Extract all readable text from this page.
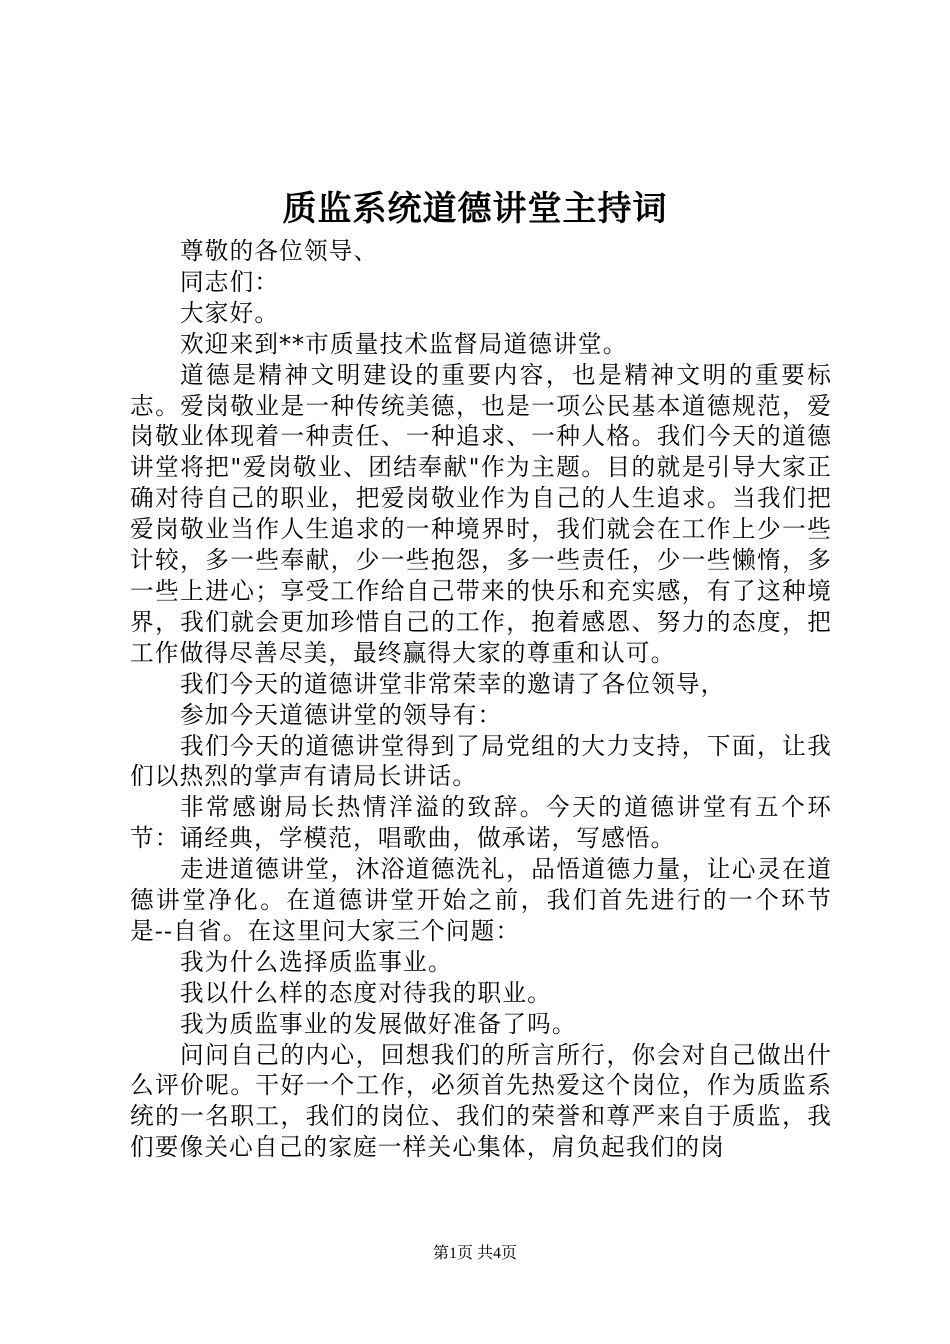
质监系统道德讲堂主持词

尊敬的各位领导、

同志们：

大家好。

欢迎来到**市质量技术监督局道德讲堂。

道德是精神文明建设的重要内容，也是精神文明的重要标志。爱岗敬业是一种传统美德，也是一项公民基本道德规范，爱岗敬业体现着一种责任、一种追求、一种人格。我们今天的道德讲堂将把"爱岗敬业、团结奉献"作为主题。目的就是引导大家正确对待自己的职业，把爱岗敬业作为自己的人生追求。当我们把爱岗敬业当作人生追求的一种境界时，我们就会在工作上少一些计较，多一些奉献，少一些抱怨，多一些责任，少一些懒惰，多一些上进心；享受工作给自己带来的快乐和充实感，有了这种境界，我们就会更加珍惜自己的工作，抱着感恩、努力的态度，把工作做得尽善尽美，最终赢得大家的尊重和认可。

我们今天的道德讲堂非常荣幸的邀请了各位领导，

参加今天道德讲堂的领导有：

我们今天的道德讲堂得到了局党组的大力支持，下面，让我们以热烈的掌声有请局长讲话。

非常感谢局长热情洋溢的致辞。今天的道德讲堂有五个环节：诵经典，学模范，唱歌曲，做承诺，写感悟。

走进道德讲堂，沐浴道德洗礼，品悟道德力量，让心灵在道德讲堂净化。在道德讲堂开始之前，我们首先进行的一个环节是--自省。在这里问大家三个问题：

我为什么选择质监事业。

我以什么样的态度对待我的职业。

我为质监事业的发展做好准备了吗。

问问自己的内心，回想我们的所言所行，你会对自己做出什么评价呢。干好一个工作，必须首先热爱这个岗位，作为质监系统的一名职工，我们的岗位、我们的荣誉和尊严来自于质监，我们要像关心自己的家庭一样关心集体，肩负起我们的岗

第1页 共4页
